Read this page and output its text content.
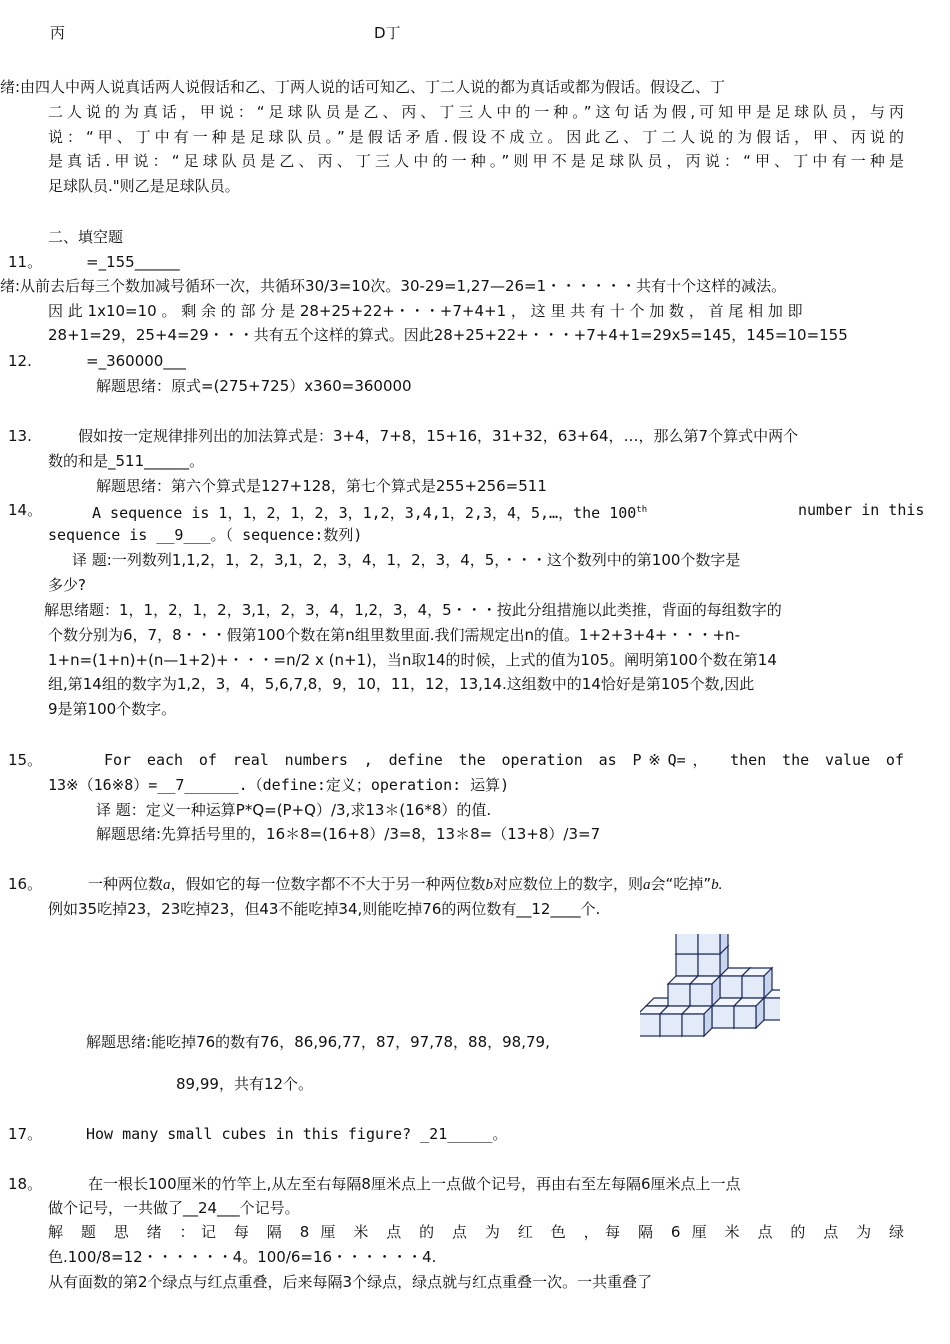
丙	D丁
绪:由四人中两人说真话两人说假话和乙、丁两人说的话可知乙、丁二人说的都为真话或都为假话。假设乙、丁
二人说的为真话，甲说：“足球队员是乙、丙、丁三人中的一种。”这句话为假,可知甲是足球队员，与丙
说：“甲、丁中有一种是足球队员。”是假话矛盾.假设不成立。因此乙、丁二人说的为假话，甲、丙说的
是真话.甲说：“足球队员是乙、丙、丁三人中的一种。”则甲不是足球队员，丙说：“甲、丁中有一种是
足球队员."则乙是足球队员。
二、填空题
11。	=_155______
绪:从前去后每三个数加减号循环一次，共循环30/3=10次。30-29=1,27—26=1・・・・・・共有十个这样的减法。
因 此 1x10=10 。 剩 余 的 部 分 是 28+25+22+・・・+7+4+1 ， 这 里 共 有 十 个 加 数 ， 首 尾 相 加 即
28+1=29，25+4=29・・・共有五个这样的算式。因此28+25+22+・・・+7+4+1=29x5=145，145=10=155
12.	=_360000___
解题思绪：原式=(275+725）x360=360000
13.	假如按一定规律排列出的加法算式是：3+4，7+8，15+16，31+32，63+64，…，那么第7个算式中两个
数的和是_511______。
解题思绪：第六个算式是127+128，第七个算式是255+256=511
14。	A sequence is 1，1，2，1，2，3，1,2，3,4,1，2,3，4，5,…，the 100th	number in this
sequence is __9___。（ sequence:数列)
译 题:一列数列1,1,2，1，2，3,1，2，3，4，1，2，3，4，5，・・・这个数列中的第100个数字是
多少?
解思绪题：1，1，2，1，2，3,1，2，3，4，1,2，3，4，5・・・按此分组措施以此类推，背面的每组数字的
个数分别为6，7，8・・・假第100个数在第n组里数里面.我们需规定出n的值。1+2+3+4+・・・+n-
1+n=(1+n)+(n—1+2)+・・・=n/2 x (n+1)，当n取14的时候，上式的值为105。阐明第100个数在第14
组,第14组的数字为1,2，3，4，5,6,7,8，9，10，11，12，13,14.这组数中的14恰好是第105个数,因此
9是第100个数字。
15。	For each of real numbers , define the operation as P※Q=， then the value of
13※（16※8）=__7______.（define:定义；operation: 运算)
译 题：定义一种运算P*Q=(P+Q）/3,求13＊(16*8）的值.
解题思绪:先算括号里的，16＊8=(16+8）/3=8，13＊8=（13+8）/3=7
16。	一种两位数a，假如它的每一位数字都不不大于另一种两位数b对应数位上的数字，则a会“吃掉”b.
例如35吃掉23，23吃掉23，但43不能吃掉34,则能吃掉76的两位数有__12____个.
解题思绪:能吃掉76的数有76，86,96,77，87，97,78，88，98,79,
89,99，共有12个。
17。	How many small cubes in this figure? _21_____。
18。	在一根长100厘米的竹竿上,从左至右每隔8厘米点上一点做个记号，再由右至左每隔6厘米点上一点
做个记号，一共做了__24___个记号。
解 题 思 绪 ：记 每 隔 8 厘 米 点 的 点 为 红 色 ，每 隔 6 厘 米 点 的 点 为 绿
色.100/8=12・・・・・・4。100/6=16・・・・・・4.
从有面数的第2个绿点与红点重叠，后来每隔3个绿点，绿点就与红点重叠一次。一共重叠了
